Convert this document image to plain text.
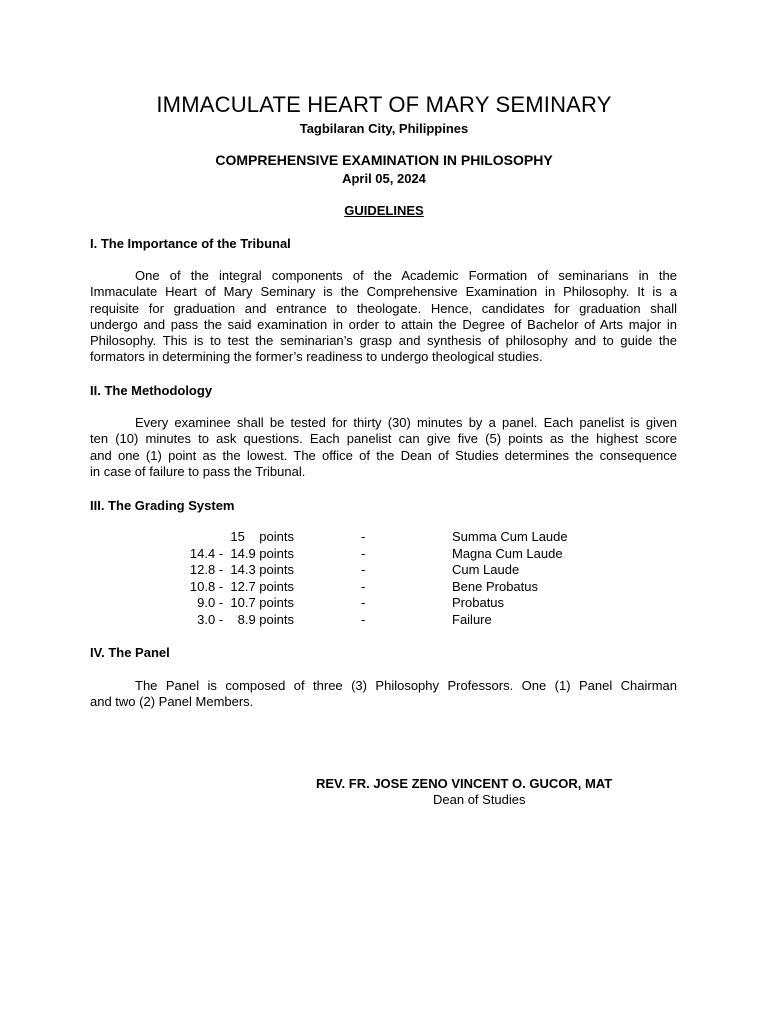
IMMACULATE HEART OF MARY SEMINARY
Tagbilaran City, Philippines
COMPREHENSIVE EXAMINATION IN PHILOSOPHY
April 05, 2024
GUIDELINES
I. The Importance of the Tribunal
One of the integral components of the Academic Formation of seminarians in the
Immaculate Heart of Mary Seminary is the Comprehensive Examination in Philosophy. It is a
requisite for graduation and entrance to theologate. Hence, candidates for graduation shall
undergo and pass the said examination in order to attain the Degree of Bachelor of Arts major in
Philosophy. This is to test the seminarian’s grasp and synthesis of philosophy and to guide the
formators in determining the former’s readiness to undergo theological studies.
II. The Methodology
Every examinee shall be tested for thirty (30) minutes by a panel. Each panelist is given
ten (10) minutes to ask questions. Each panelist can give five (5) points as the highest score
and one (1) point as the lowest. The office of the Dean of Studies determines the consequence
in case of failure to pass the Tribunal.
III. The Grading System
15    points	-	Summa Cum Laude
14.4 -  14.9 points	-	Magna Cum Laude
12.8 -  14.3 points	-	Cum Laude
10.8 -  12.7 points	-	Bene Probatus
9.0 -  10.7 points	-	Probatus
3.0 -    8.9 points	-	Failure
IV. The Panel
The Panel is composed of three (3) Philosophy Professors. One (1) Panel Chairman
and two (2) Panel Members.
REV. FR. JOSE ZENO VINCENT O. GUCOR, MAT
Dean of Studies
